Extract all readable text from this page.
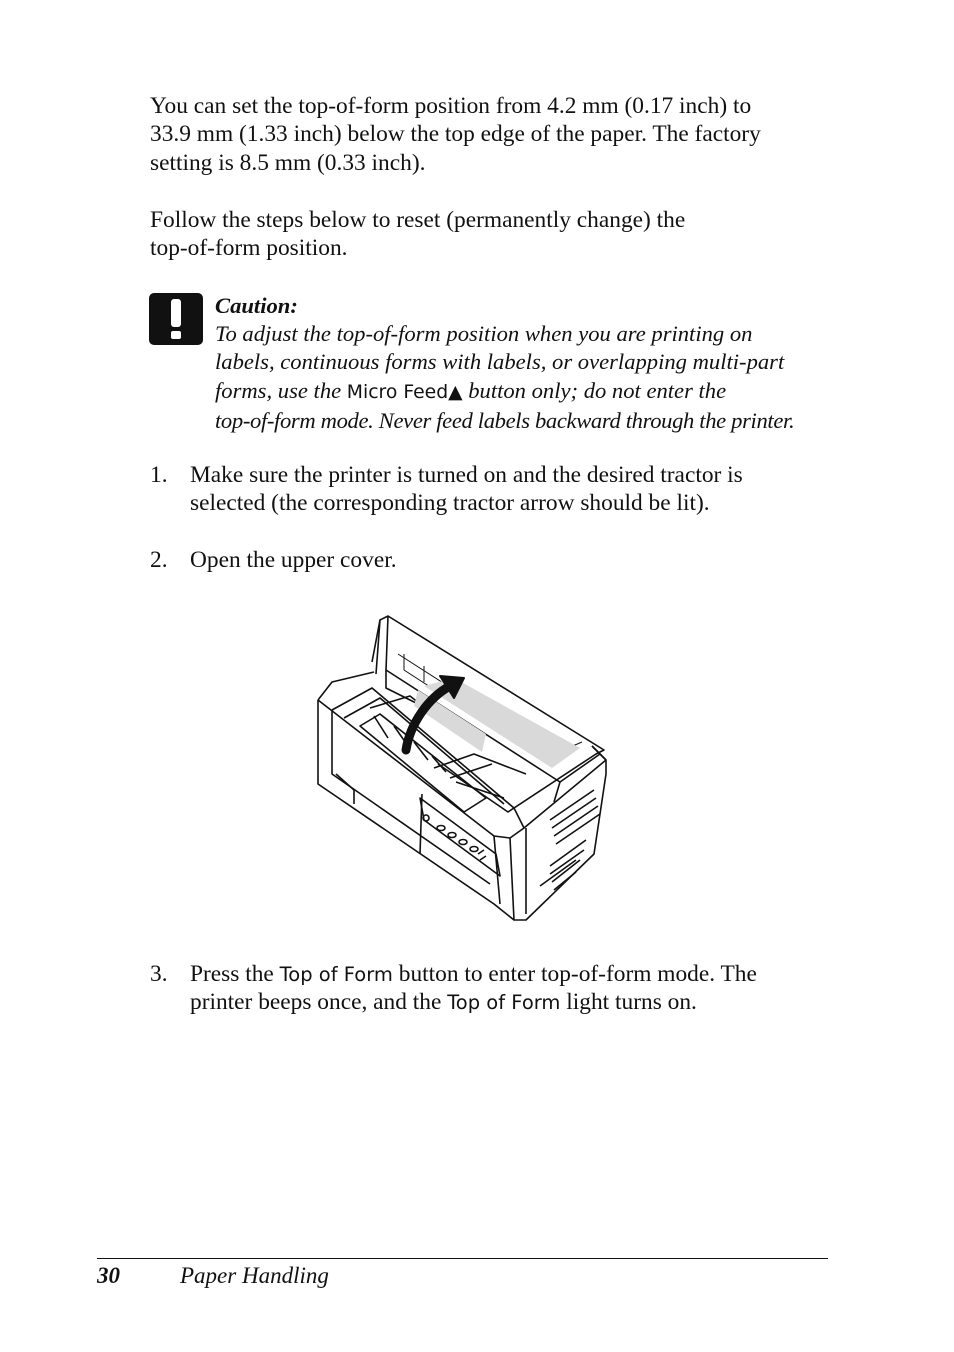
You can set the top-of-form position from 4.2 mm (0.17 inch) to

33.9 mm (1.33 inch) below the top edge of the paper. The factory

setting is 8.5 mm (0.33 inch).

Follow the steps below to reset (permanently change) the

top-of-form position.

Caution:
To adjust the top-of-form position when you are printing on
labels, continuous forms with labels, or overlapping multi-part
forms, use the Micro Feed▲ button only; do not enter the
top-of-form mode. Never feed labels backward through the printer.
1. Make sure the printer is turned on and the desired tractor is

selected (the corresponding tractor arrow should be lit).

2. Open the upper cover.

3. Press the Top of Form button to enter top-of-form mode. The

printer beeps once, and the Top of Form light turns on.

30	Paper Handling
